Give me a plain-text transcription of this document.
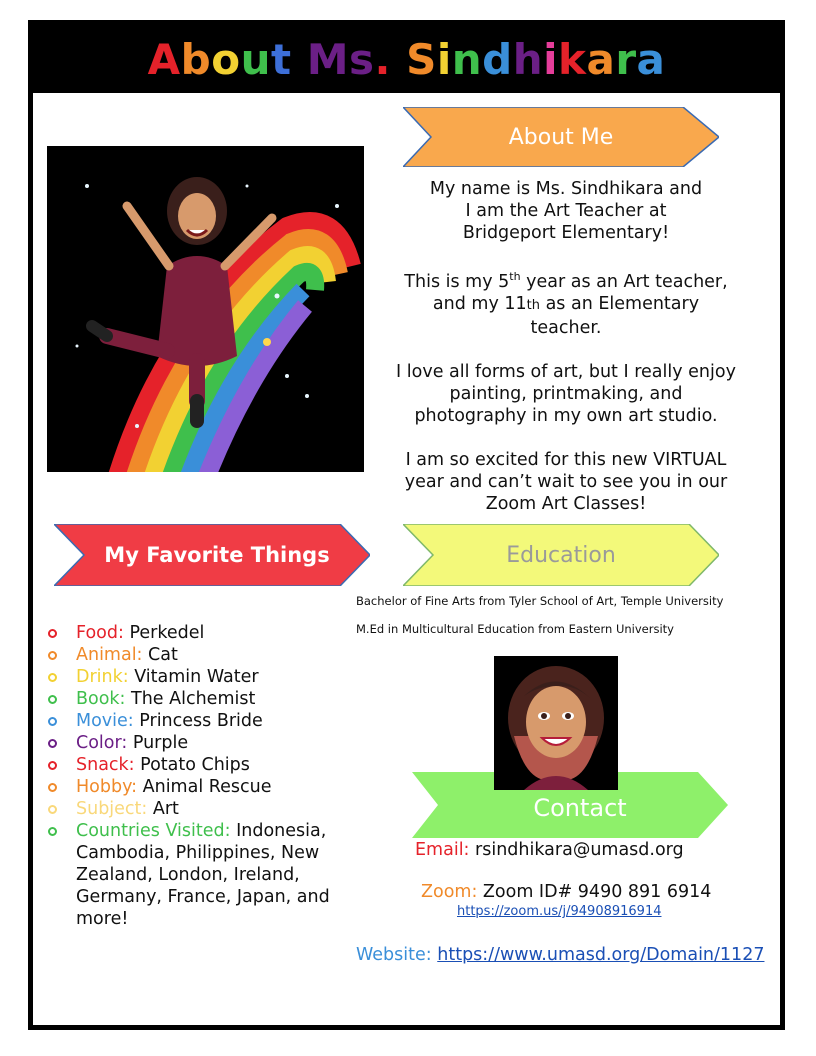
About Ms. Sindhikara
About Me

My name is Ms. Sindhikara and
I am the Art Teacher at
Bridgeport Elementary!

This is my 5th year as an Art teacher,
and my 11th as an Elementary
teacher.

I love all forms of art, but I really enjoy
painting, printmaking, and
photography in my own art studio.

I am so excited for this new VIRTUAL
year and can’t wait to see you in our
Zoom Art Classes!

My Favorite Things	Education
Bachelor of Fine Arts from Tyler School of Art, Temple University
M.Ed in Multicultural Education from Eastern University
Food: Perkedel
Animal: Cat
Drink: Vitamin Water
Book: The Alchemist
Movie: Princess Bride
Color: Purple
Snack: Potato Chips
Hobby: Animal Rescue
Subject: Art
Countries Visited: Indonesia, Cambodia, Philippines, New Zealand, London, Ireland, Germany, France, Japan, and more!
Contact
Email: rsindhikara@umasd.org
Zoom: Zoom ID# 9490 891 6914
https://zoom.us/j/94908916914
Website: https://www.umasd.org/Domain/1127
